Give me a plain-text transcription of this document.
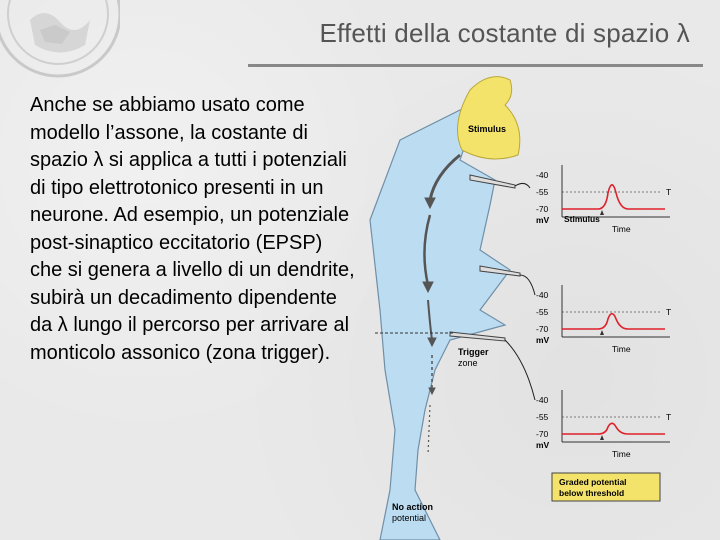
Effetti della costante di spazio λ
Anche se abbiamo usato come modello l’assone, la costante di spazio λ si applica a tutti i potenziali di tipo elettrotonico presenti in un neurone. Ad esempio, un potenziale post-sinaptico eccitatorio (EPSP) che si genera a livello di un dendrite, subirà un decadimento dipendente da λ lungo il percorso per arrivare al monticolo assonico (zona trigger).
Stimulus
Trigger
zone
No action
potential
-40
-55
-70
mV
T
Stimulus
Time
-40
-55
-70
mV
T
Time
-40
-55
-70
mV
T
Time
Graded potential
below threshold
